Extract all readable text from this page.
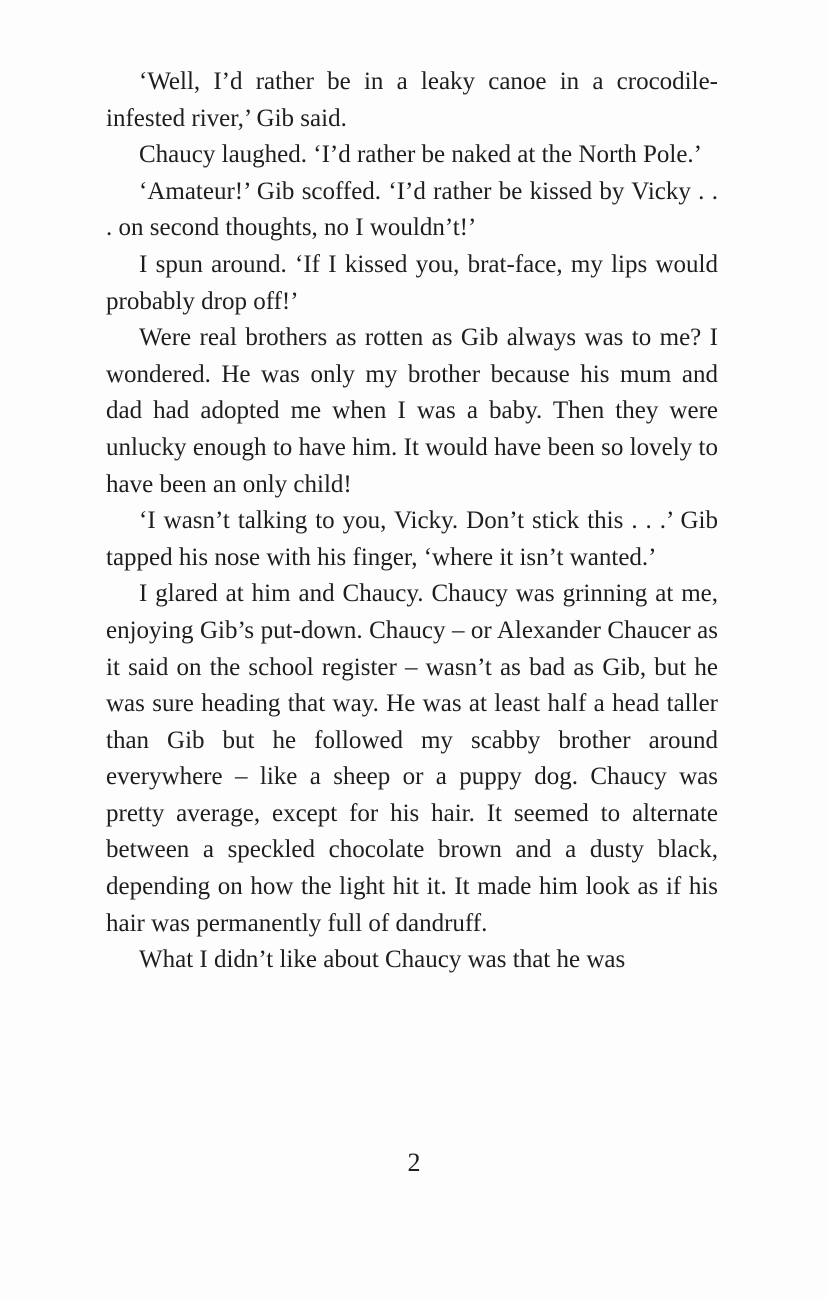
‘Well, I’d rather be in a leaky canoe in a crocodile-infested river,’ Gib said.

Chaucy laughed. ‘I’d rather be naked at the North Pole.’

‘Amateur!’ Gib scoffed. ‘I’d rather be kissed by Vicky . . . on second thoughts, no I wouldn’t!’

I spun around. ‘If I kissed you, brat-face, my lips would probably drop off!’

Were real brothers as rotten as Gib always was to me? I wondered. He was only my brother because his mum and dad had adopted me when I was a baby. Then they were unlucky enough to have him. It would have been so lovely to have been an only child!

‘I wasn’t talking to you, Vicky. Don’t stick this . . .’ Gib tapped his nose with his finger, ‘where it isn’t wanted.’

I glared at him and Chaucy. Chaucy was grinning at me, enjoying Gib’s put-down. Chaucy – or Alexander Chaucer as it said on the school register – wasn’t as bad as Gib, but he was sure heading that way. He was at least half a head taller than Gib but he followed my scabby brother around everywhere – like a sheep or a puppy dog. Chaucy was pretty average, except for his hair. It seemed to alternate between a speckled chocolate brown and a dusty black, depending on how the light hit it. It made him look as if his hair was permanently full of dandruff.

What I didn’t like about Chaucy was that he was

2
